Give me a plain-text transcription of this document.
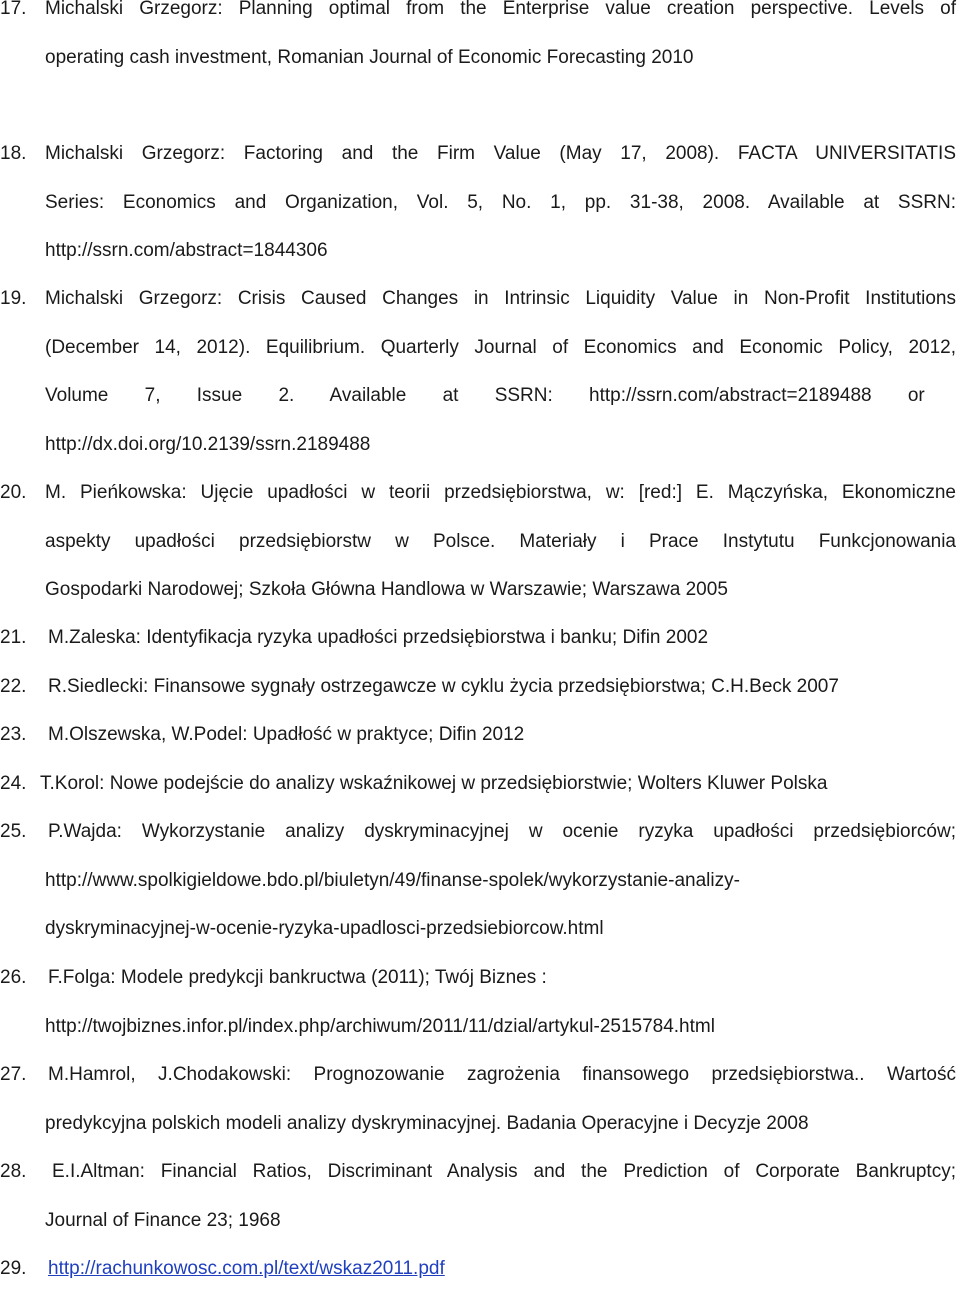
17. Michalski Grzegorz: Planning optimal from the Enterprise value creation perspective. Levels of
operating cash investment, Romanian Journal of Economic Forecasting 2010
18. Michalski Grzegorz: Factoring and the Firm Value (May 17, 2008). FACTA UNIVERSITATIS
Series: Economics and Organization, Vol. 5, No. 1, pp. 31-38, 2008. Available at SSRN:
http://ssrn.com/abstract=1844306
19. Michalski Grzegorz: Crisis Caused Changes in Intrinsic Liquidity Value in Non-Profit Institutions
(December 14, 2012). Equilibrium. Quarterly Journal of Economics and Economic Policy, 2012,
Volume 7, Issue 2. Available at SSRN: http://ssrn.com/abstract=2189488 or
http://dx.doi.org/10.2139/ssrn.2189488
20. M. Pieńkowska: Ujęcie upadłości w teorii przedsiębiorstwa, w: [red:] E. Mączyńska, Ekonomiczne
aspekty upadłości przedsiębiorstw w Polsce. Materiały i Prace Instytutu Funkcjonowania
Gospodarki Narodowej; Szkoła Główna Handlowa w Warszawie; Warszawa 2005
21. M.Zaleska: Identyfikacja ryzyka upadłości przedsiębiorstwa i banku; Difin 2002
22. R.Siedlecki: Finansowe sygnały ostrzegawcze w cyklu życia przedsiębiorstwa; C.H.Beck 2007
23. M.Olszewska, W.Podel: Upadłość w praktyce; Difin 2012
24. T.Korol: Nowe podejście do analizy wskaźnikowej w przedsiębiorstwie; Wolters Kluwer Polska
25. P.Wajda: Wykorzystanie analizy dyskryminacyjnej w ocenie ryzyka upadłości przedsiębiorców;
http://www.spolkigieldowe.bdo.pl/biuletyn/49/finanse-spolek/wykorzystanie-analizy-
dyskryminacyjnej-w-ocenie-ryzyka-upadlosci-przedsiebiorcow.html
26. F.Folga: Modele predykcji bankructwa (2011); Twój Biznes :
http://twojbiznes.infor.pl/index.php/archiwum/2011/11/dzial/artykul-2515784.html
27. M.Hamrol, J.Chodakowski: Prognozowanie zagrożenia finansowego przedsiębiorstwa.. Wartość
predykcyjna polskich modeli analizy dyskryminacyjnej. Badania Operacyjne i Decyzje 2008
28. E.I.Altman: Financial Ratios, Discriminant Analysis and the Prediction of Corporate Bankruptcy;
Journal of Finance 23; 1968
29. http://rachunkowosc.com.pl/text/wskaz2011.pdf
